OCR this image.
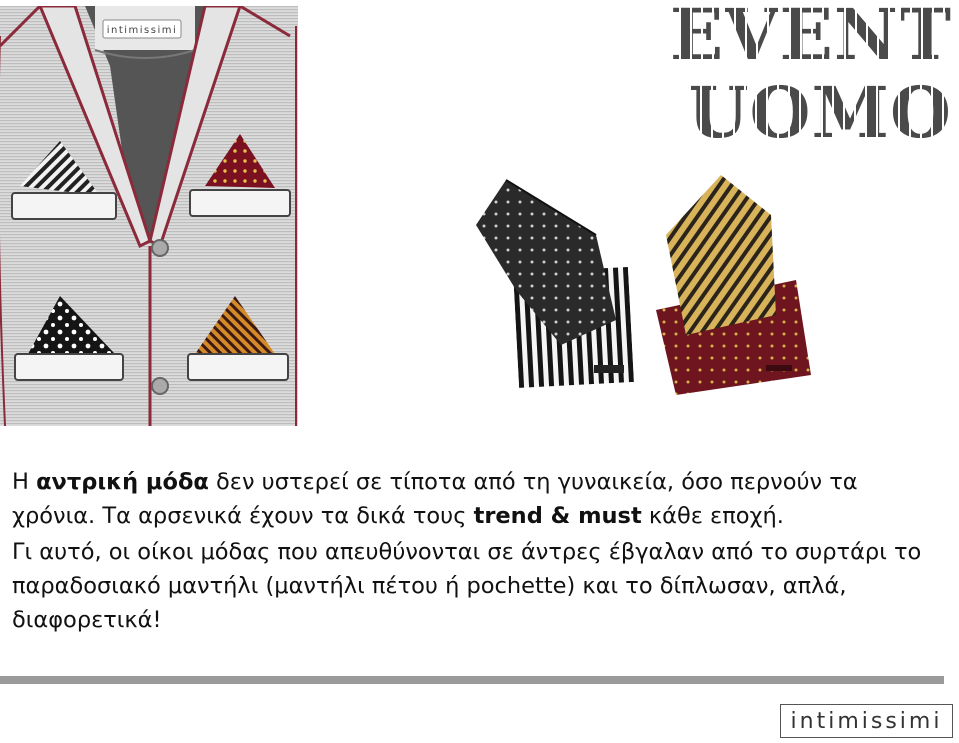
EVENT UOMO
intimissimi

Η αντρική μόδα δεν υστερεί σε τίποτα από τη γυναικεία, όσο περνούν τα χρόνια. Τα αρσενικά έχουν τα δικά τους trend & must κάθε εποχή.

Γι αυτό, οι οίκοι μόδας που απευθύνονται σε άντρες έβγαλαν από το συρτάρι το παραδοσιακό μαντήλι (μαντήλι πέτου ή pochette) και το δίπλωσαν, απλά, διαφορετικά!

intimissimi
